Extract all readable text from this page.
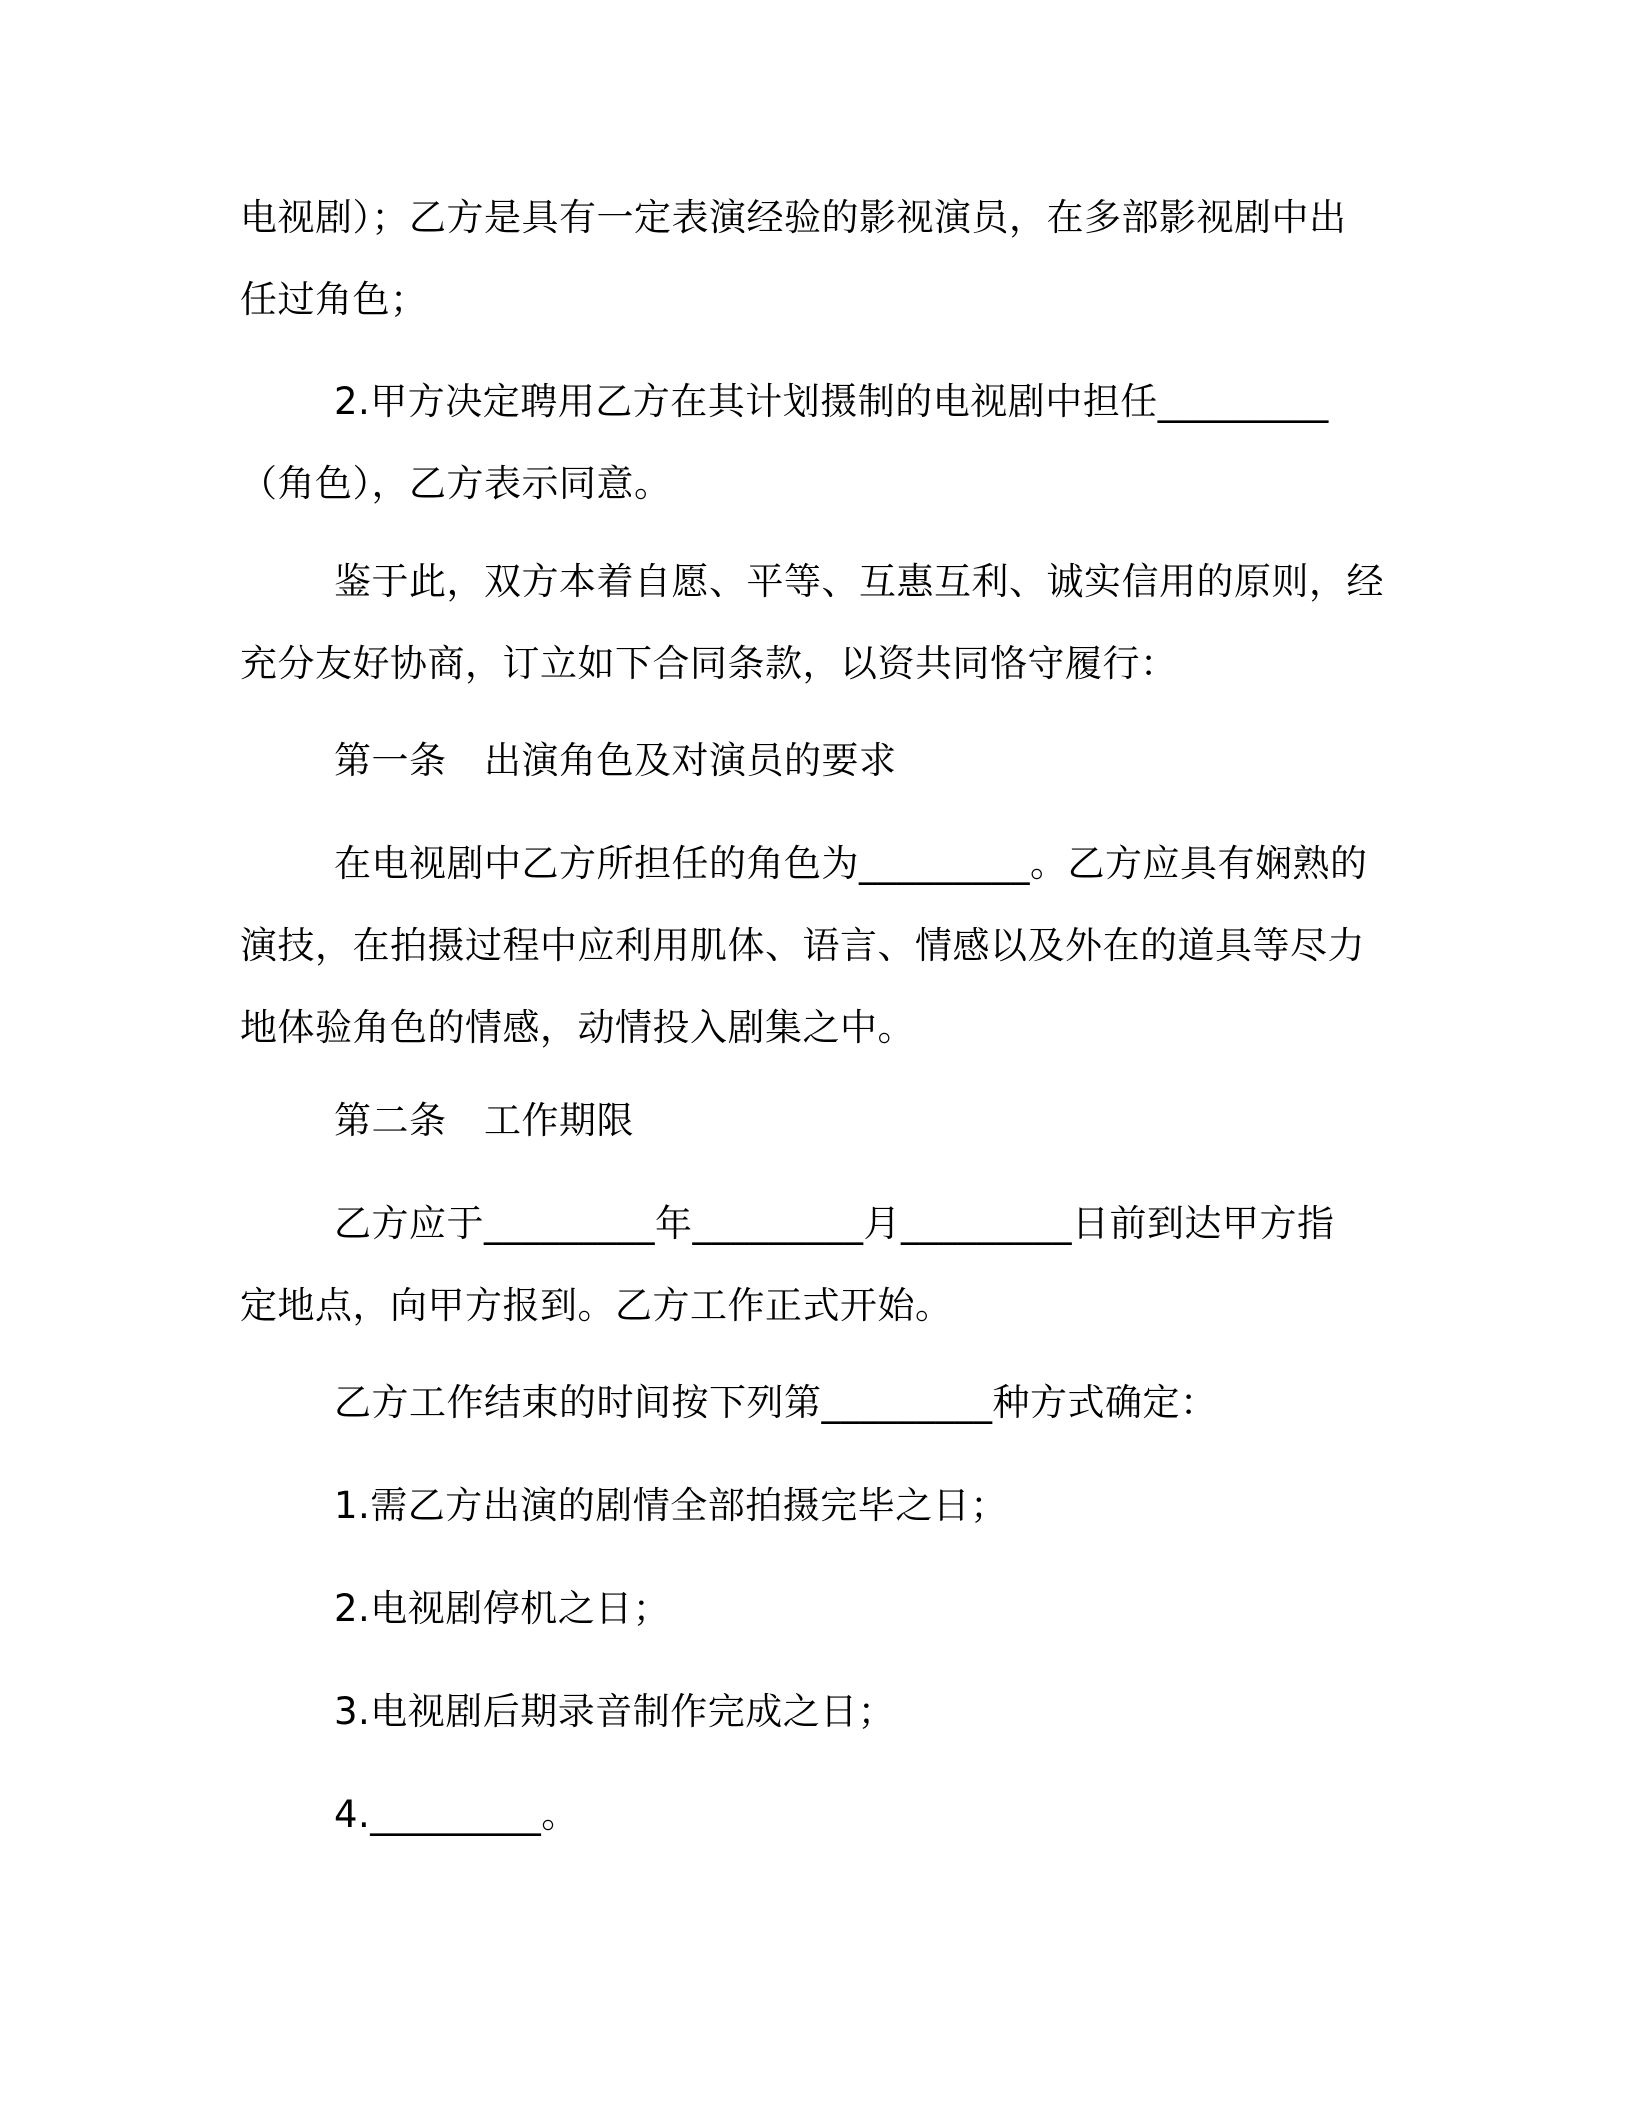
电视剧）；乙方是具有一定表演经验的影视演员，在多部影视剧中出
任过角色；
2.甲方决定聘用乙方在其计划摄制的电视剧中担任_________
（角色），乙方表示同意。
鉴于此，双方本着自愿、平等、互惠互利、诚实信用的原则，经
充分友好协商，订立如下合同条款，以资共同恪守履行：
第一条　出演角色及对演员的要求
在电视剧中乙方所担任的角色为_________。乙方应具有娴熟的
演技，在拍摄过程中应利用肌体、语言、情感以及外在的道具等尽力
地体验角色的情感，动情投入剧集之中。
第二条　工作期限
乙方应于_________年_________月_________日前到达甲方指
定地点，向甲方报到。乙方工作正式开始。
乙方工作结束的时间按下列第_________种方式确定：
1.需乙方出演的剧情全部拍摄完毕之日；
2.电视剧停机之日；
3.电视剧后期录音制作完成之日；
4._________。
